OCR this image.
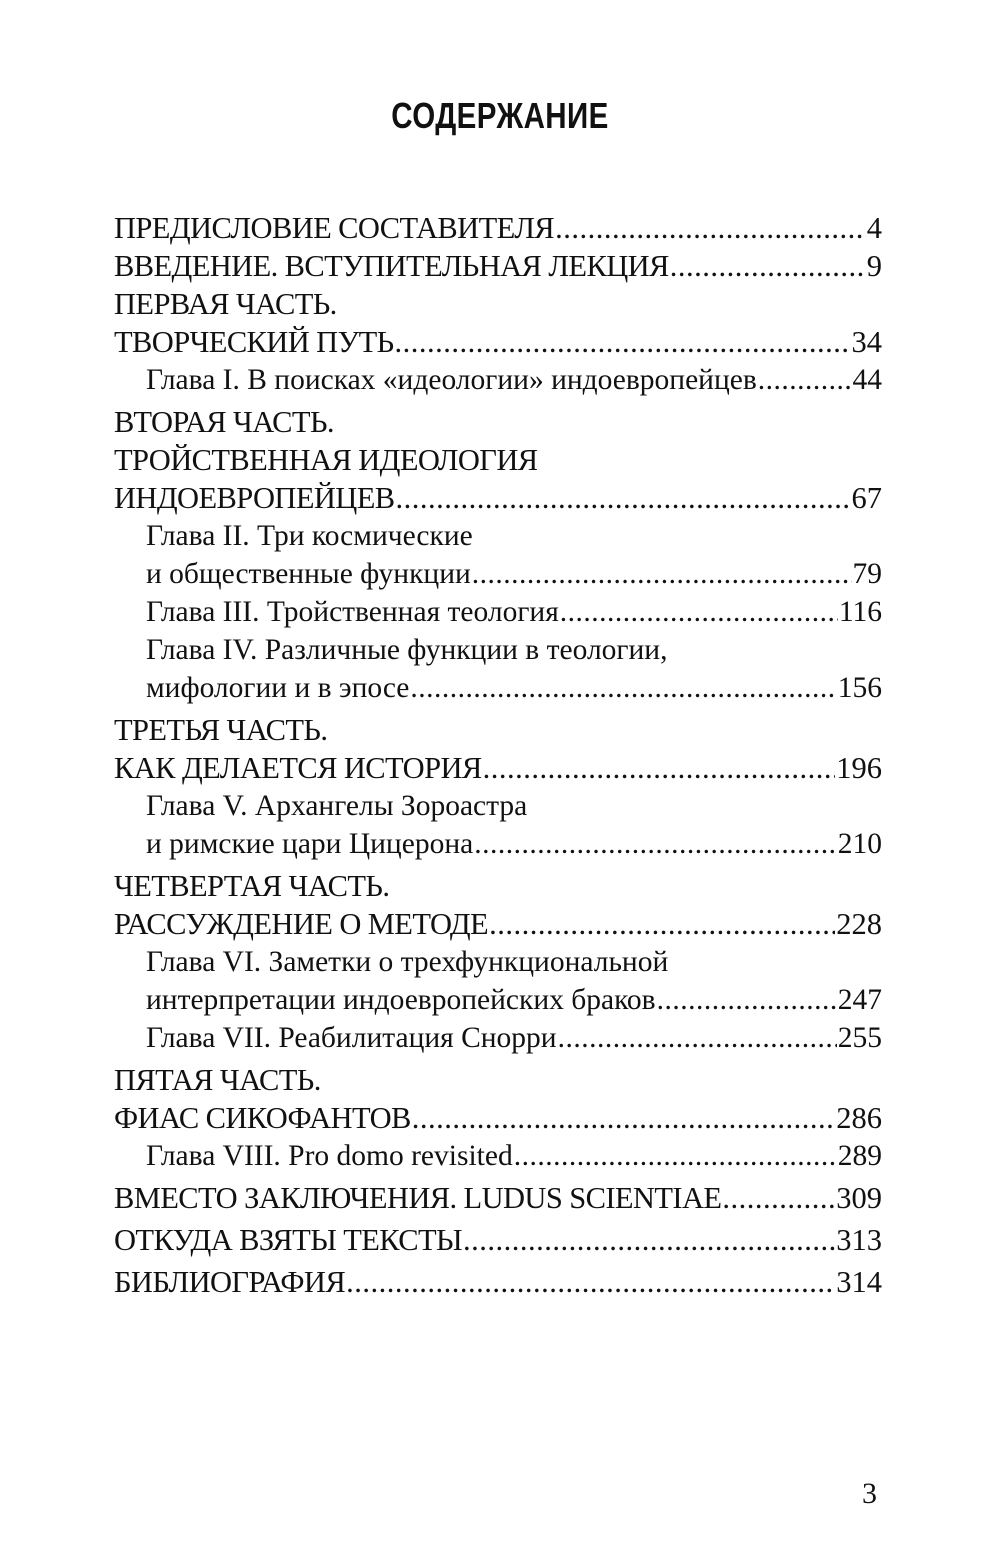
СОДЕРЖАНИЕ
ПРЕДИСЛОВИЕ СОСТАВИТЕЛЯ .....	4
ВВЕДЕНИЕ. ВСТУПИТЕЛЬНАЯ ЛЕКЦИЯ .....	9
ПЕРВАЯ ЧАСТЬ.
ТВОРЧЕСКИЙ ПУТЬ .....	34
Глава I. В поисках «идеологии» индоевропейцев .....	44
ВТОРАЯ ЧАСТЬ.
ТРОЙСТВЕННАЯ ИДЕОЛОГИЯ
ИНДОЕВРОПЕЙЦЕВ .....	67
Глава II. Три космические
и общественные функции .....	79
Глава III. Тройственная теология .....	116
Глава IV. Различные функции в теологии,
мифологии и в эпосе .....	156
ТРЕТЬЯ ЧАСТЬ.
КАК ДЕЛАЕТСЯ ИСТОРИЯ .....	196
Глава V. Архангелы Зороастра
и римские цари Цицерона .....	210
ЧЕТВЕРТАЯ ЧАСТЬ.
РАССУЖДЕНИЕ О МЕТОДЕ .....	228
Глава VI. Заметки о трехфункциональной
интерпретации индоевропейских браков .....	247
Глава VII. Реабилитация Снорри .....	255
ПЯТАЯ ЧАСТЬ.
ФИАС СИКОФАНТОВ .....	286
Глава VIII. Pro domo revisited .....	289
ВМЕСТО ЗАКЛЮЧЕНИЯ. LUDUS SCIENTIAE .....	309
ОТКУДА ВЗЯТЫ ТЕКСТЫ .....	313
БИБЛИОГРАФИЯ .....	314
3
